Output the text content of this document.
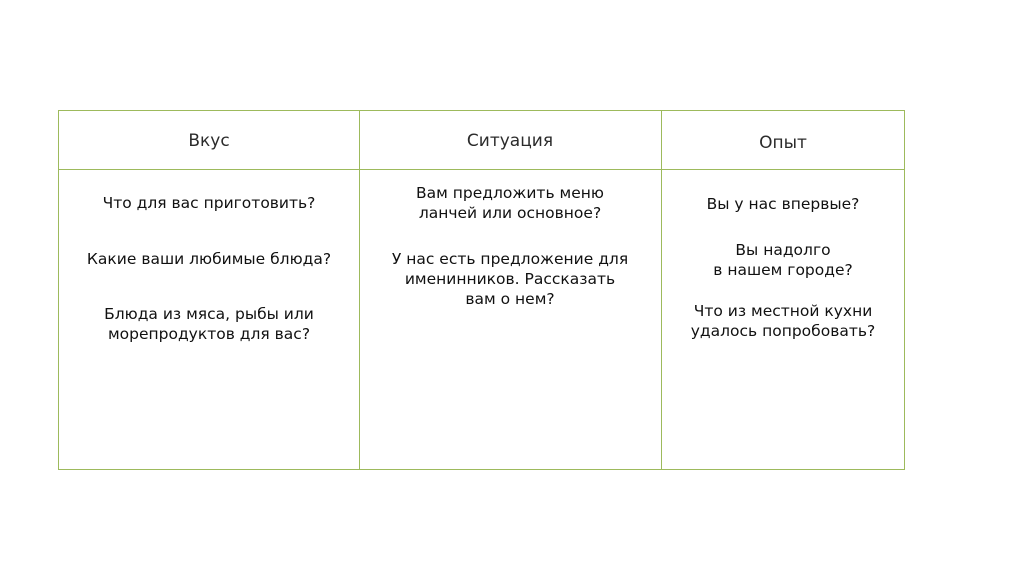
Вкус	Ситуация	Опыт
Что для вас приготовить?
Какие ваши любимые блюда?
Блюда из мяса, рыбы или
морепродуктов для вас?
Вам предложить меню
ланчей или основное?
У нас есть предложение для
именинников. Рассказать
вам о нем?
Вы у нас впервые?
Вы надолго
в нашем городе?
Что из местной кухни
удалось попробовать?
